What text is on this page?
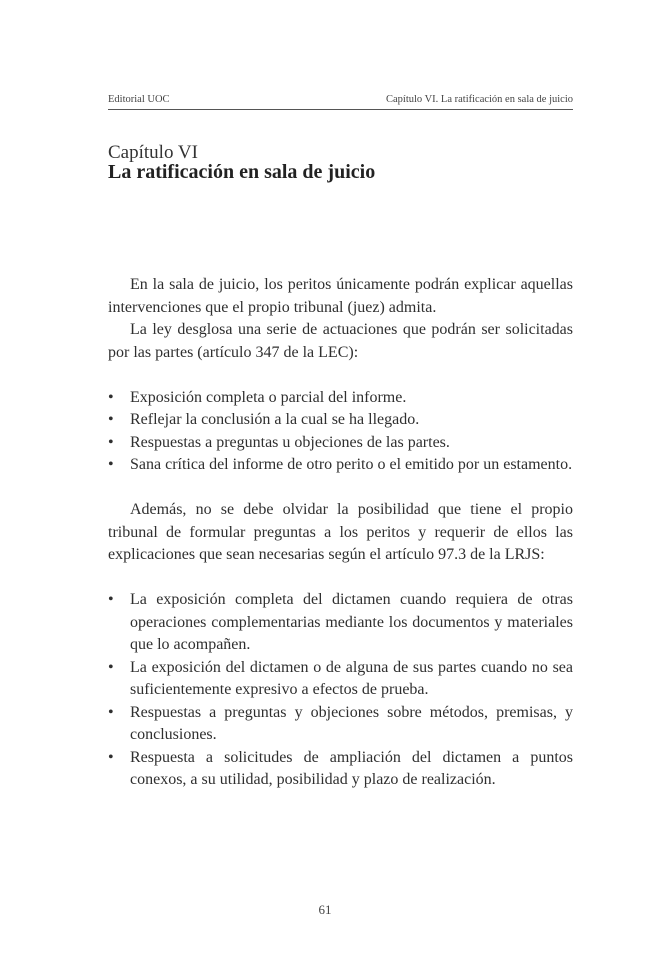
Editorial UOC	Capítulo VI. La ratificación en sala de juicio
Capítulo VI
La ratificación en sala de juicio

En la sala de juicio, los peritos únicamente podrán explicar aquellas intervenciones que el propio tribunal (juez) admita.

La ley desglosa una serie de actuaciones que podrán ser solicitadas por las partes (artículo 347 de la LEC):

• Exposición completa o parcial del informe.
• Reflejar la conclusión a la cual se ha llegado.
• Respuestas a preguntas u objeciones de las partes.
• Sana crítica del informe de otro perito o el emitido por un estamento.

Además, no se debe olvidar la posibilidad que tiene el propio tribunal de formular preguntas a los peritos y requerir de ellos las explicaciones que sean necesarias según el artículo 97.3 de la LRJS:

• La exposición completa del dictamen cuando requiera de otras operaciones complementarias mediante los documentos y materiales que lo acompañen.
• La exposición del dictamen o de alguna de sus partes cuando no sea suficientemente expresivo a efectos de prueba.
• Respuestas a preguntas y objeciones sobre métodos, premisas, y conclusiones.
• Respuesta a solicitudes de ampliación del dictamen a puntos conexos, a su utilidad, posibilidad y plazo de realización.
61
